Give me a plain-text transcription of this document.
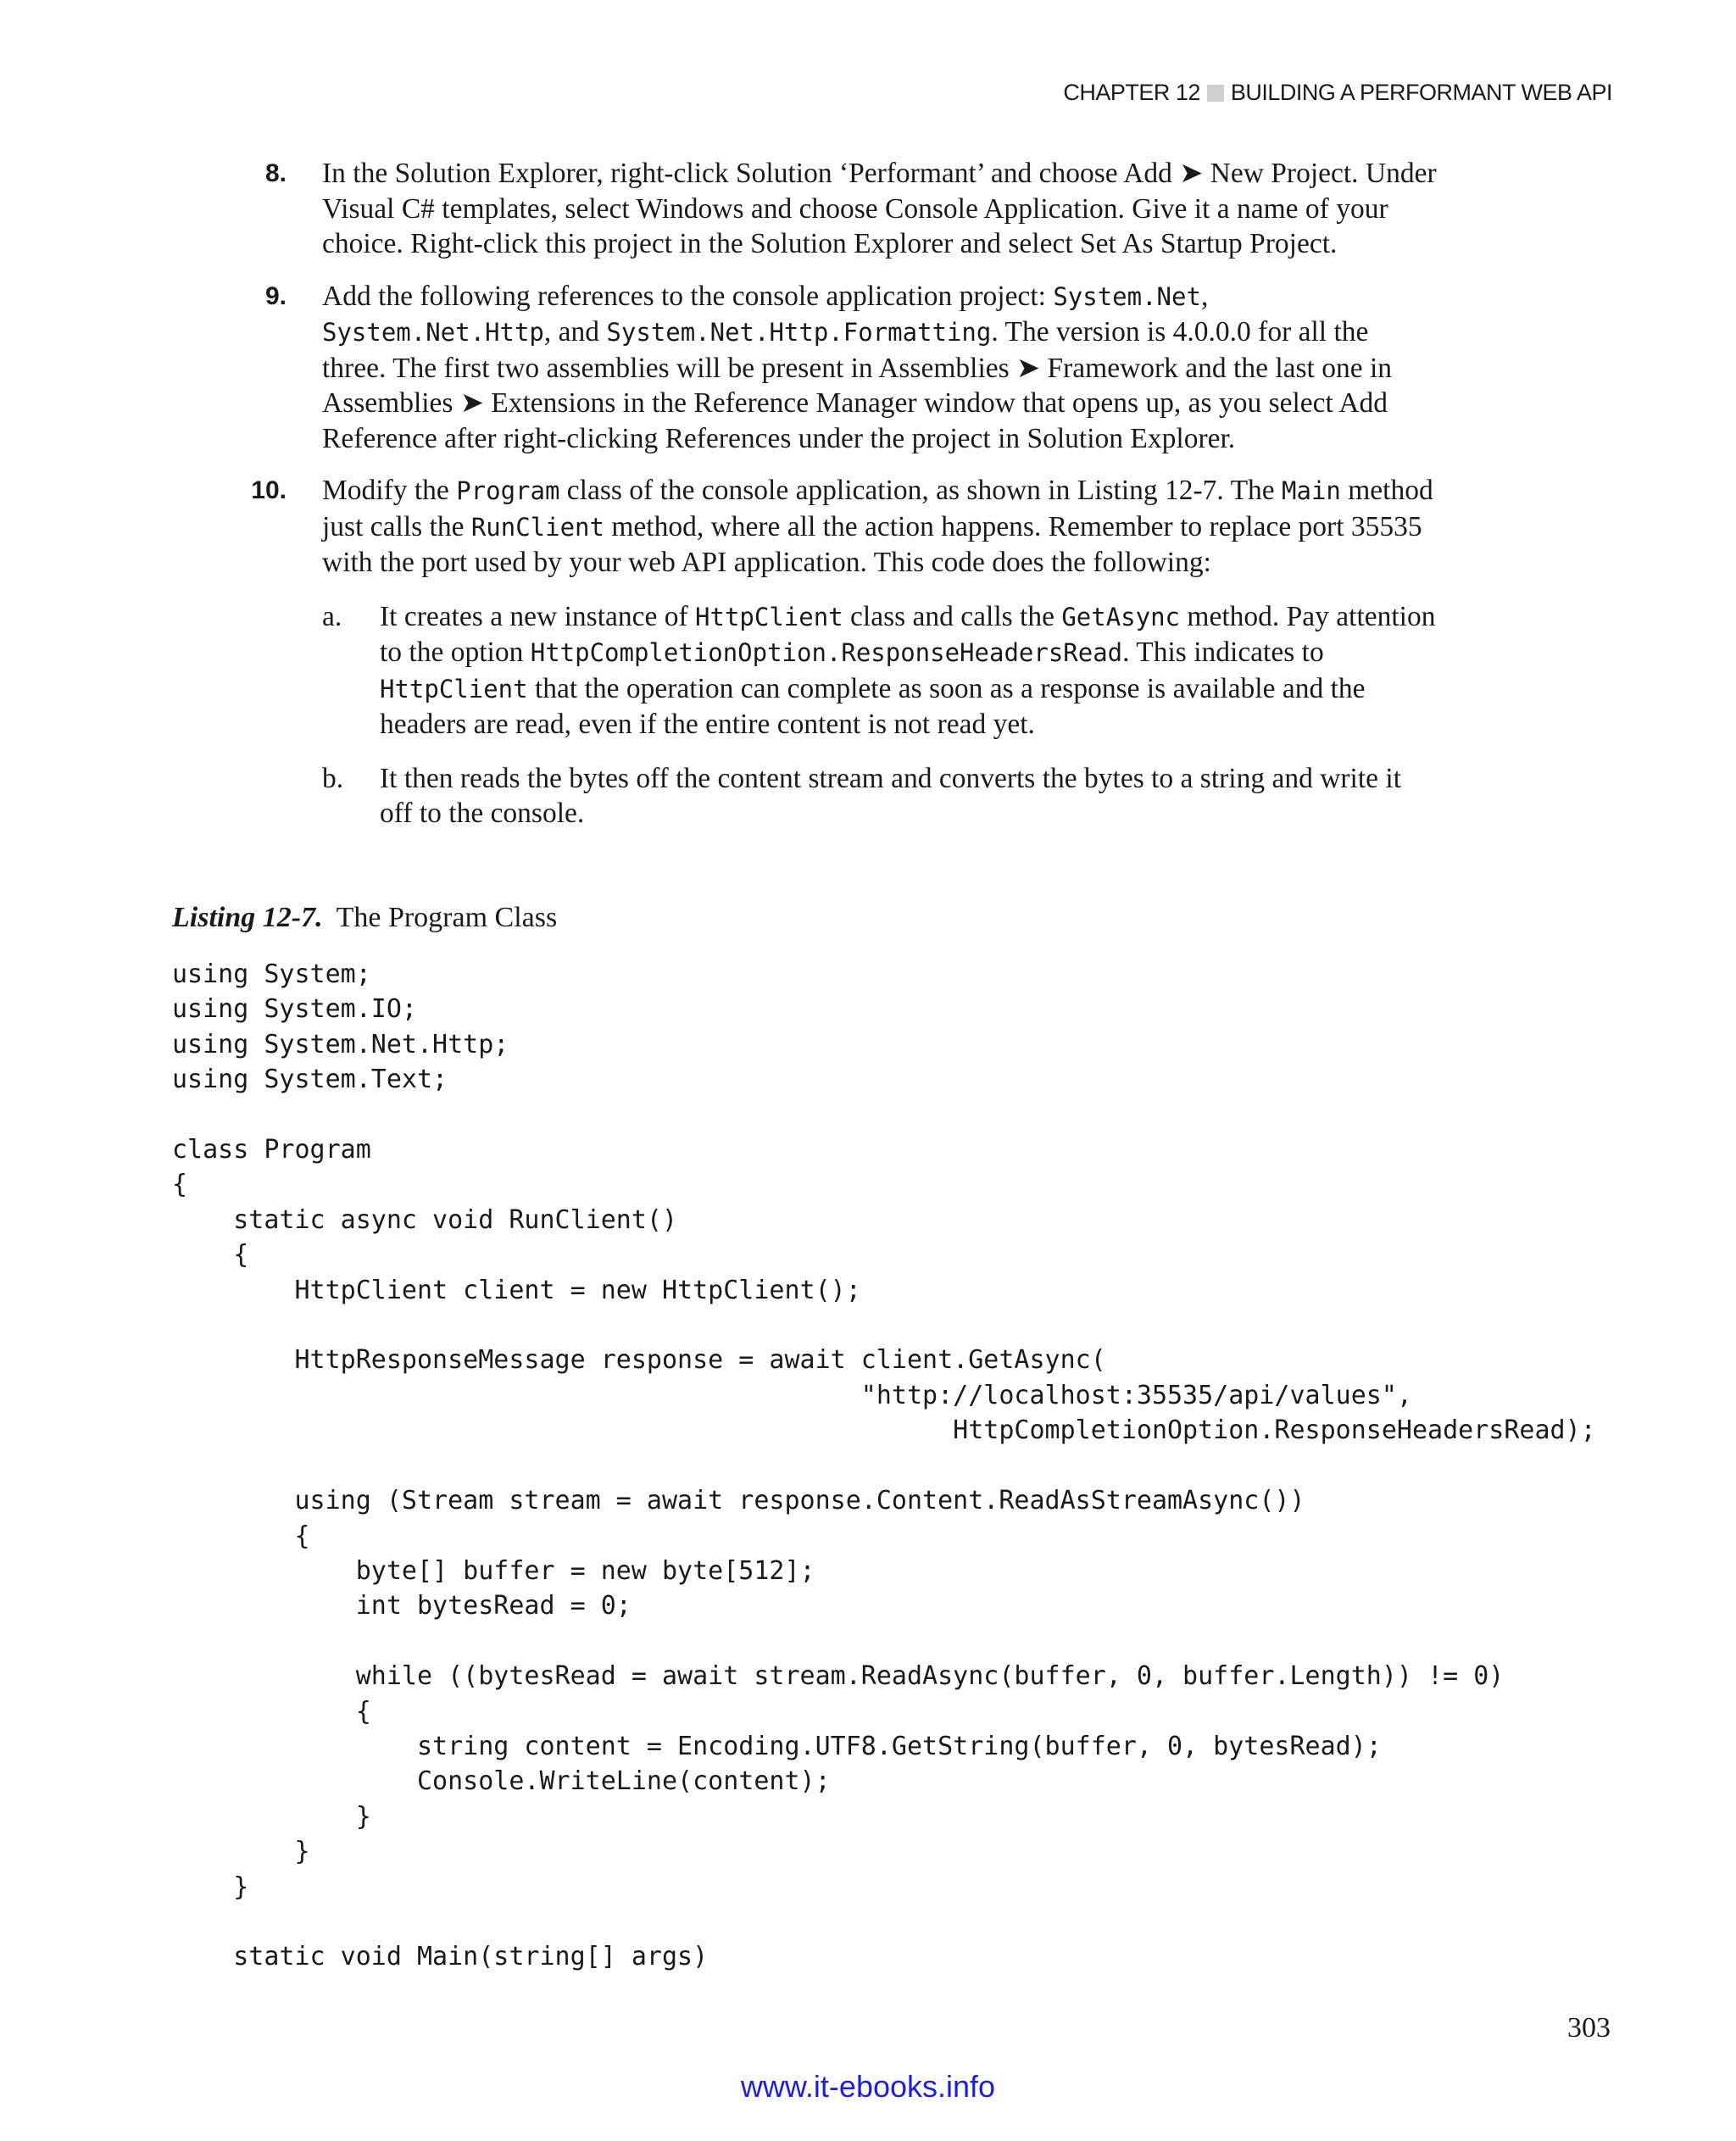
CHAPTER 12 BUILDING A PERFORMANT WEB API
8. In the Solution Explorer, right-click Solution ‘Performant’ and choose Add ➤ New Project. Under Visual C# templates, select Windows and choose Console Application. Give it a name of your choice. Right-click this project in the Solution Explorer and select Set As Startup Project.
9. Add the following references to the console application project: System.Net, System.Net.Http, and System.Net.Http.Formatting. The version is 4.0.0.0 for all the three. The first two assemblies will be present in Assemblies ➤ Framework and the last one in Assemblies ➤ Extensions in the Reference Manager window that opens up, as you select Add Reference after right-clicking References under the project in Solution Explorer.
10. Modify the Program class of the console application, as shown in Listing 12-7. The Main method just calls the RunClient method, where all the action happens. Remember to replace port 35535 with the port used by your web API application. This code does the following:
a. It creates a new instance of HttpClient class and calls the GetAsync method. Pay attention to the option HttpCompletionOption.ResponseHeadersRead. This indicates to HttpClient that the operation can complete as soon as a response is available and the headers are read, even if the entire content is not read yet.
b. It then reads the bytes off the content stream and converts the bytes to a string and write it off to the console.
Listing 12-7. The Program Class
using System;
using System.IO;
using System.Net.Http;
using System.Text;

class Program
{
static async void RunClient()
{
HttpClient client = new HttpClient();

HttpResponseMessage response = await client.GetAsync(
"http://localhost:35535/api/values",
HttpCompletionOption.ResponseHeadersRead);

using (Stream stream = await response.Content.ReadAsStreamAsync())
{
byte[] buffer = new byte[512];
int bytesRead = 0;

while ((bytesRead = await stream.ReadAsync(buffer, 0, buffer.Length)) != 0)
{
string content = Encoding.UTF8.GetString(buffer, 0, bytesRead);
Console.WriteLine(content);
}
}
}

static void Main(string[] args)
303
www.it-ebooks.info
